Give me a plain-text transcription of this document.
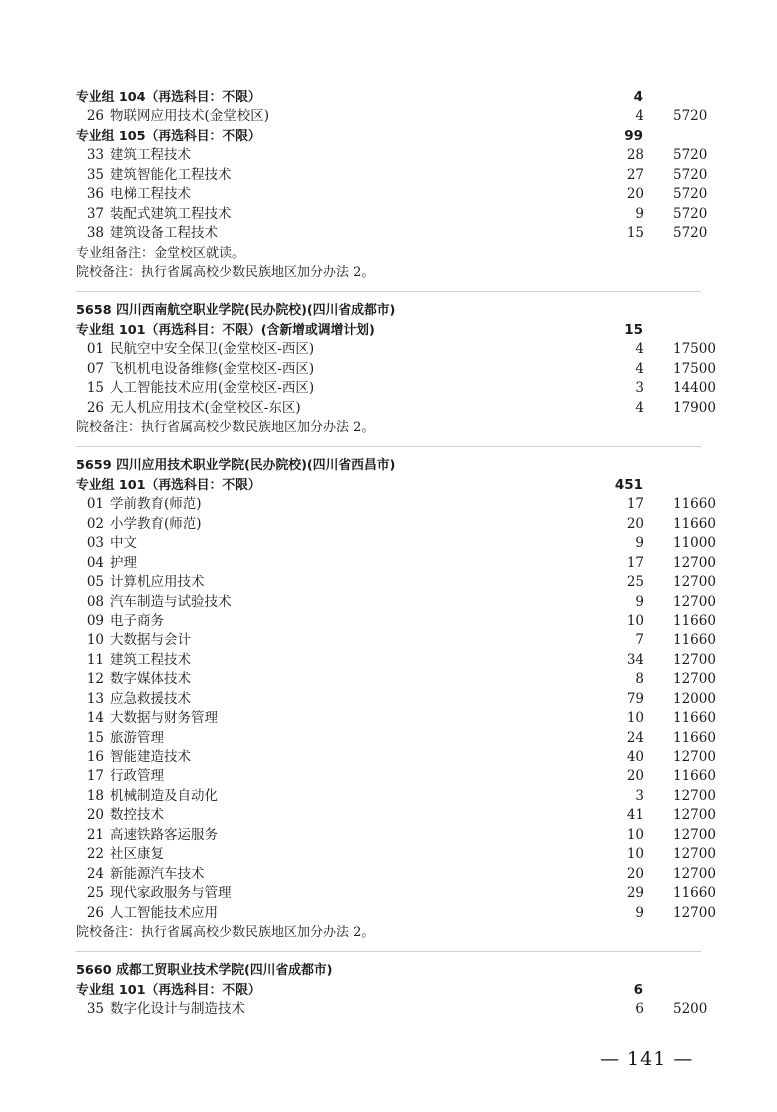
专业组 104（再选科目：不限）	4
26 物联网应用技术(金堂校区)	4 5720
专业组 105（再选科目：不限）	99
33 建筑工程技术	28 5720
35 建筑智能化工程技术	27 5720
36 电梯工程技术	20 5720
37 装配式建筑工程技术	9 5720
38 建筑设备工程技术	15 5720
专业组备注：金堂校区就读。
院校备注：执行省属高校少数民族地区加分办法 2。
5658 四川西南航空职业学院(民办院校)(四川省成都市)
专业组 101（再选科目：不限）(含新增或调增计划)	15
01 民航空中安全保卫(金堂校区-西区)	4 17500
07 飞机机电设备维修(金堂校区-西区)	4 17500
15 人工智能技术应用(金堂校区-西区)	3 14400
26 无人机应用技术(金堂校区-东区)	4 17900
院校备注：执行省属高校少数民族地区加分办法 2。
5659 四川应用技术职业学院(民办院校)(四川省西昌市)
专业组 101（再选科目：不限）	451
01 学前教育(师范)	17 11660
02 小学教育(师范)	20 11660
03 中文	9 11000
04 护理	17 12700
05 计算机应用技术	25 12700
08 汽车制造与试验技术	9 12700
09 电子商务	10 11660
10 大数据与会计	7 11660
11 建筑工程技术	34 12700
12 数字媒体技术	8 12700
13 应急救援技术	79 12000
14 大数据与财务管理	10 11660
15 旅游管理	24 11660
16 智能建造技术	40 12700
17 行政管理	20 11660
18 机械制造及自动化	3 12700
20 数控技术	41 12700
21 高速铁路客运服务	10 12700
22 社区康复	10 12700
24 新能源汽车技术	20 12700
25 现代家政服务与管理	29 11660
26 人工智能技术应用	9 12700
院校备注：执行省属高校少数民族地区加分办法 2。
5660 成都工贸职业技术学院(四川省成都市)
专业组 101（再选科目：不限）	6
35 数字化设计与制造技术	6 5200
— 141 —
